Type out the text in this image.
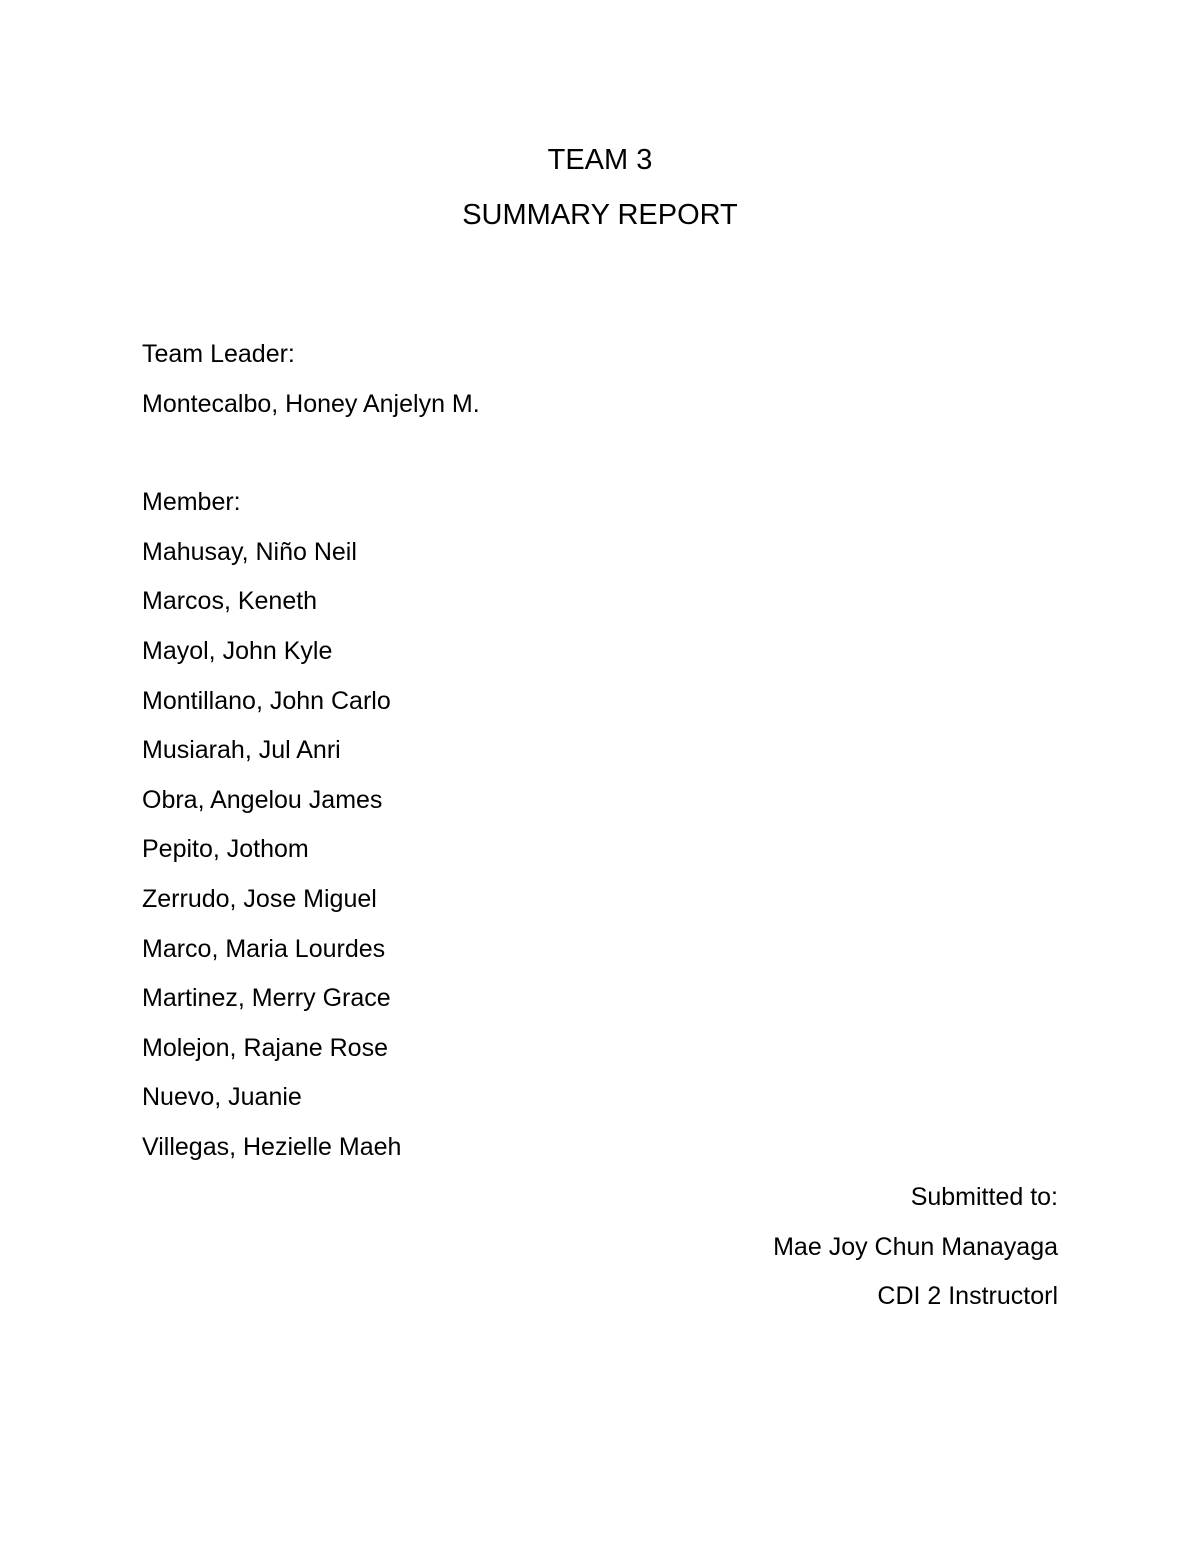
TEAM 3
SUMMARY REPORT
Team Leader:
Montecalbo, Honey Anjelyn M.
Member:
Mahusay, Niño Neil
Marcos, Keneth
Mayol, John Kyle
Montillano, John Carlo
Musiarah, Jul Anri
Obra, Angelou James
Pepito, Jothom
Zerrudo, Jose Miguel
Marco, Maria Lourdes
Martinez, Merry Grace
Molejon, Rajane Rose
Nuevo, Juanie
Villegas, Hezielle Maeh
Submitted to:
Mae Joy Chun Manayaga
CDI 2 Instructorl
